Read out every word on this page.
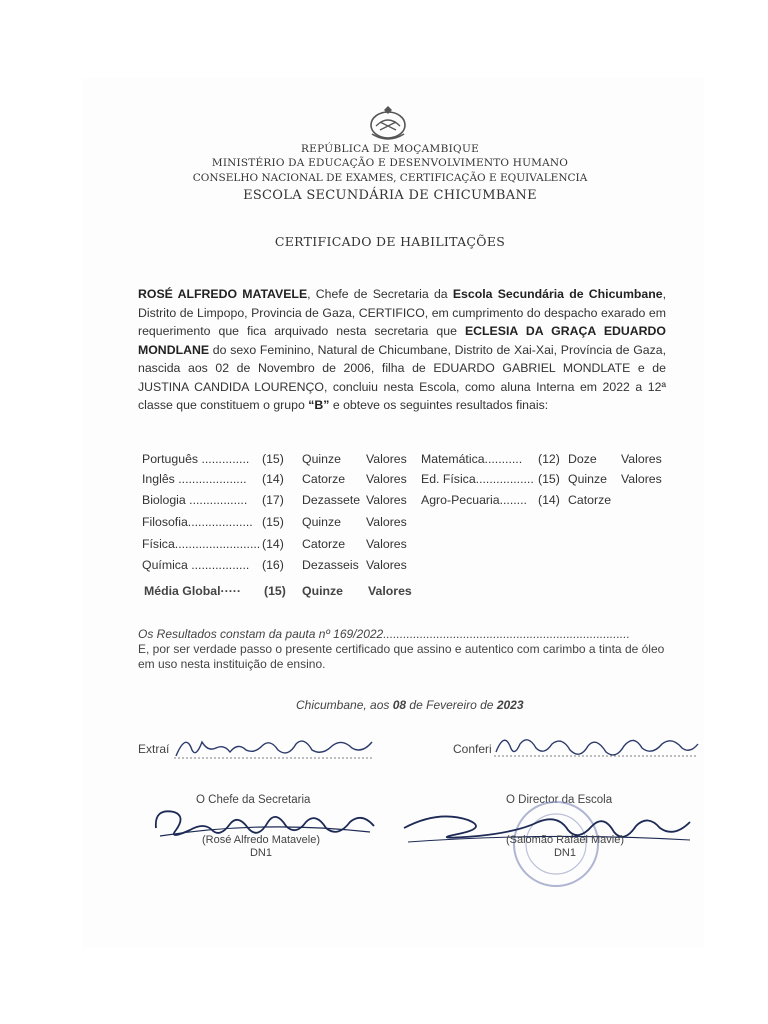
REPÚBLICA DE MOÇAMBIQUE
MINISTÉRIO DA EDUCAÇÃO E DESENVOLVIMENTO HUMANO
CONSELHO NACIONAL DE EXAMES, CERTIFICAÇÃO E EQUIVALENCIA
ESCOLA SECUNDÁRIA DE CHICUMBANE
CERTIFICADO DE HABILITAÇÕES
ROSÉ ALFREDO MATAVELE, Chefe de Secretaria da Escola Secundária de Chicumbane, Distrito de Limpopo, Provincia de Gaza, CERTIFICO, em cumprimento do despacho exarado em requerimento que fica arquivado nesta secretaria que ECLESIA DA GRAÇA EDUARDO MONDLANE do sexo Feminino, Natural de Chicumbane, Distrito de Xai-Xai, Província de Gaza, nascida aos 02 de Novembro de 2006, filha de EDUARDO GABRIEL MONDLATE e de JUSTINA CANDIDA LOURENÇO, concluiu nesta Escola, como aluna Interna em 2022 a 12ª classe que constituem o grupo “B” e obteve os seguintes resultados finais:
Português .............. (15) Quinze Valores
Inglês .................... (14) Catorze Valores
Biologia ................. (17) Dezassete Valores
Filosofia................... (15) Quinze Valores
Física......................... (14) Catorze Valores
Química ................. (16) Dezasseis Valores
Média Global····· (15) Quinze Valores
Matemática........... (12) Doze Valores
Ed. Física................. (15) Quinze Valores
Agro-Pecuaria........ (14) Catorze
Os Resultados constam da pauta nº 169/2022..........................................................................
E, por ser verdade passo o presente certificado que assino e autentico com carimbo a tinta de óleo em uso nesta instituição de ensino.
Chicumbane, aos 08 de Fevereiro de 2023
Extraí	Conferi
O Chefe da Secretaria
(Rosé Alfredo Matavele)
DN1
O Director da Escola
(Salomão Rafael Mavie)
DN1
